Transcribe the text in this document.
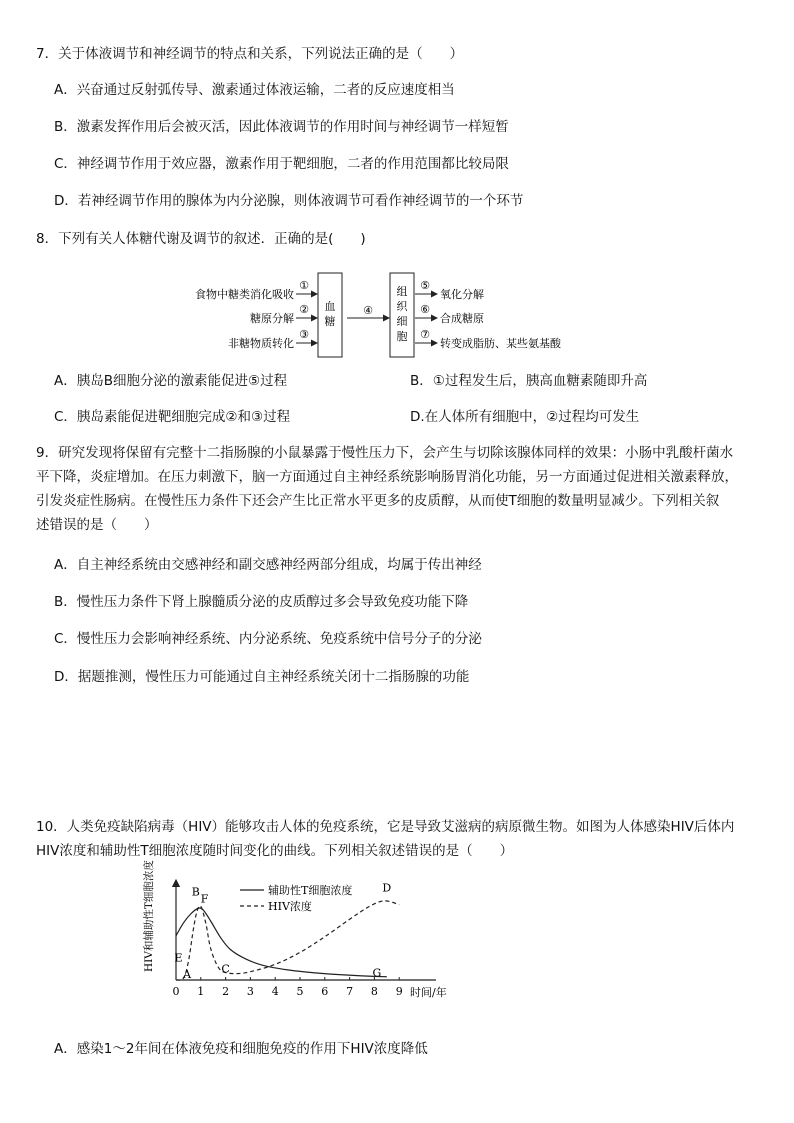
7．关于体液调节和神经调节的特点和关系，下列说法正确的是（　　）
A．兴奋通过反射弧传导、激素通过体液运输，二者的反应速度相当
B．激素发挥作用后会被灭活，因此体液调节的作用时间与神经调节一样短暂
C．神经调节作用于效应器，激素作用于靶细胞，二者的作用范围都比较局限
D．若神经调节作用的腺体为内分泌腺，则体液调节可看作神经调节的一个环节
8．下列有关人体糖代谢及调节的叙述．正确的是(　　)
食物中糖类消化吸收
糖原分解
非糖物质转化
①
②
③
血
糖
④
组
织
细
胞
⑤
⑥
⑦
氧化分解
合成糖原
转变成脂肪、某些氨基酸
A．胰岛B细胞分泌的激素能促进⑤过程	B．①过程发生后，胰高血糖素随即升高
C．胰岛素能促进靶细胞完成②和③过程	D.在人体所有细胞中，②过程均可发生
9．研究发现将保留有完整十二指肠腺的小鼠暴露于慢性压力下，会产生与切除该腺体同样的效果：小肠中乳酸杆菌水
平下降，炎症增加。在压力刺激下，脑一方面通过自主神经系统影响肠胃消化功能，另一方面通过促进相关激素释放，
引发炎症性肠病。在慢性压力条件下还会产生比正常水平更多的皮质醇，从而使T细胞的数量明显减少。下列相关叙
述错误的是（　　）
A．自主神经系统由交感神经和副交感神经两部分组成，均属于传出神经
B．慢性压力条件下肾上腺髓质分泌的皮质醇过多会导致免疫功能下降
C．慢性压力会影响神经系统、内分泌系统、免疫系统中信号分子的分泌
D．据题推测，慢性压力可能通过自主神经系统关闭十二指肠腺的功能
10．人类免疫缺陷病毒（HIV）能够攻击人体的免疫系统，它是导致艾滋病的病原微生物。如图为人体感染HIV后体内
HIV浓度和辅助性T细胞浓度随时间变化的曲线。下列相关叙述错误的是（　　）
HIV和辅助性T细胞浓度
时间/年
辅助性T细胞浓度
HIV浓度
0 1 2 3 4 5 6 7 8 9
A
B
C
D
E
F
G
A．感染1～2年间在体液免疫和细胞免疫的作用下HIV浓度降低
